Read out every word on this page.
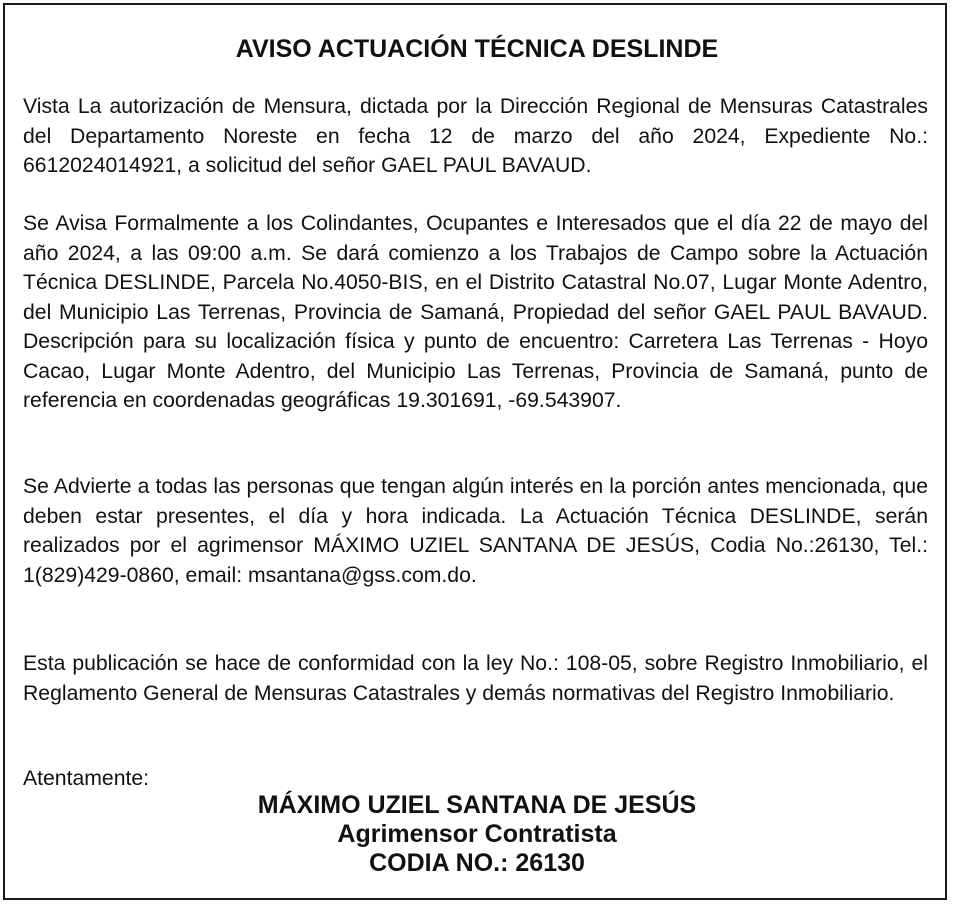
AVISO ACTUACIÓN TÉCNICA DESLINDE

Vista La autorización de Mensura, dictada por la Dirección Regional de Mensuras Catastrales del Departamento Noreste en fecha 12 de marzo del año 2024, Expediente No.: 6612024014921, a solicitud del señor GAEL PAUL BAVAUD.

Se Avisa Formalmente a los Colindantes, Ocupantes e Interesados que el día 22 de mayo del año 2024, a las 09:00 a.m. Se dará comienzo a los Trabajos de Campo sobre la Actuación Técnica DESLINDE, Parcela No.4050-BIS, en el Distrito Catastral No.07, Lugar Monte Adentro, del Municipio Las Terrenas, Provincia de Samaná, Propiedad del señor GAEL PAUL BAVAUD. Descripción para su localización física y punto de encuentro: Carretera Las Terrenas - Hoyo Cacao, Lugar Monte Adentro, del Municipio Las Terrenas, Provincia de Samaná, punto de referencia en coordenadas geográficas 19.301691, -69.543907.

Se Advierte a todas las personas que tengan algún interés en la porción antes mencionada, que deben estar presentes, el día y hora indicada. La Actuación Técnica DESLINDE, serán realizados por el agrimensor MÁXIMO UZIEL SANTANA DE JESÚS, Codia No.:26130, Tel.: 1(829)429-0860, email: msantana@gss.com.do.

Esta publicación se hace de conformidad con la ley No.: 108-05, sobre Registro Inmobiliario, el Reglamento General de Mensuras Catastrales y demás normativas del Registro Inmobiliario.

Atentamente:
MÁXIMO UZIEL SANTANA DE JESÚS
Agrimensor Contratista
CODIA NO.: 26130
